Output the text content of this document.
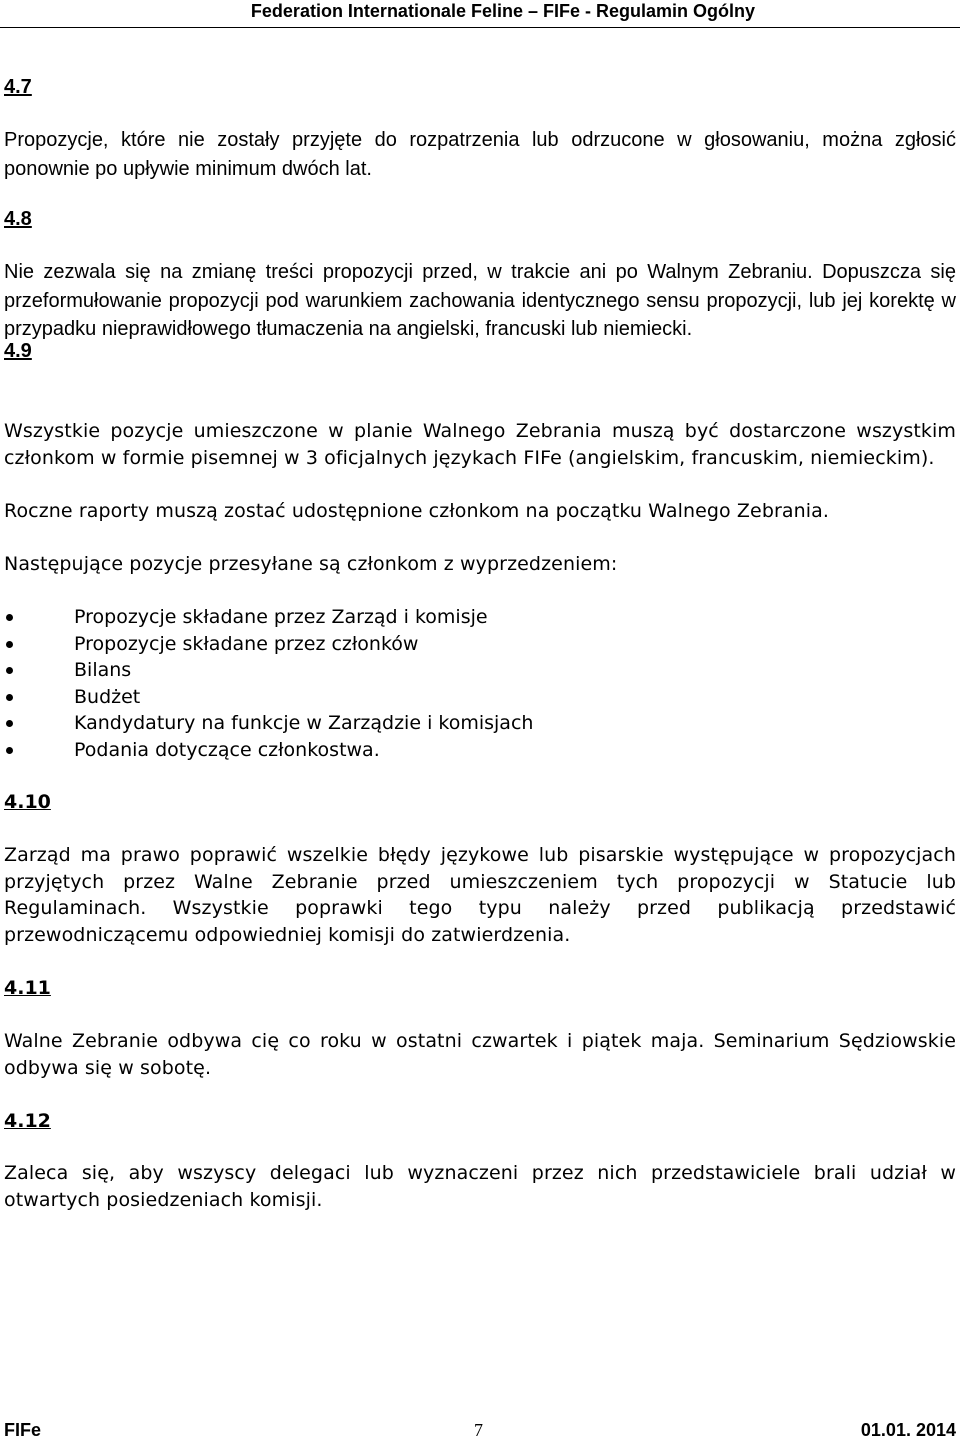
Federation Internationale Feline – FIFe - Regulamin Ogólny

4.7

Propozycje, które nie zostały przyjęte do rozpatrzenia lub odrzucone w głosowaniu, można zgłosić ponownie po upływie minimum dwóch lat.

4.8

Nie zezwala się na zmianę treści propozycji przed, w trakcie ani po Walnym Zebraniu. Dopuszcza się przeformułowanie propozycji pod warunkiem zachowania identycznego sensu propozycji, lub jej korektę w przypadku nieprawidłowego tłumaczenia na angielski, francuski lub niemiecki.

4.9

Wszystkie pozycje umieszczone w planie Walnego Zebrania muszą być dostarczone wszystkim członkom w formie pisemnej w 3 oficjalnych językach FIFe (angielskim, francuskim, niemieckim).

Roczne raporty muszą zostać udostępnione członkom na początku Walnego Zebrania.

Następujące pozycje przesyłane są członkom z wyprzedzeniem:

Propozycje składane przez Zarząd i komisje
Propozycje składane przez członków
Bilans
Budżet
Kandydatury na funkcje w Zarządzie i komisjach
Podania dotyczące członkostwa.

4.10

Zarząd ma prawo poprawić wszelkie błędy językowe lub pisarskie występujące w propozycjach przyjętych przez Walne Zebranie przed umieszczeniem tych propozycji w Statucie lub Regulaminach. Wszystkie poprawki tego typu należy przed publikacją przedstawić przewodniczącemu odpowiedniej komisji do zatwierdzenia.

4.11

Walne Zebranie odbywa cię co roku w ostatni czwartek i piątek maja. Seminarium Sędziowskie odbywa się w sobotę.

4.12

Zaleca się, aby wszyscy delegaci lub wyznaczeni przez nich przedstawiciele brali udział w otwartych posiedzeniach komisji.

FIFe	7	01.01. 2014
